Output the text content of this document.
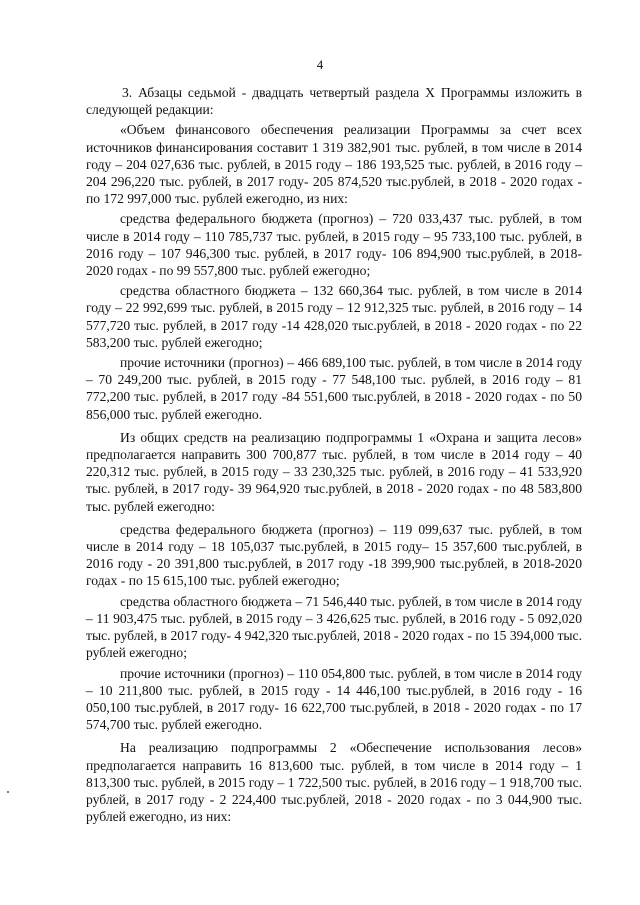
4

3. Абзацы седьмой - двадцать четвертый раздела X Программы изложить в следующей редакции:

«Объем финансового обеспечения реализации Программы за счет всех источников финансирования составит 1 319 382,901 тыс. рублей, в том числе в 2014 году – 204 027,636 тыс. рублей, в 2015 году – 186 193,525 тыс. рублей, в 2016 году – 204 296,220 тыс. рублей, в 2017 году- 205 874,520 тыс.рублей, в 2018 - 2020 годах - по 172 997,000 тыс. рублей ежегодно, из них:

средства федерального бюджета (прогноз) – 720 033,437 тыс. рублей, в том числе в 2014 году – 110 785,737 тыс. рублей, в 2015 году – 95 733,100 тыс. рублей, в 2016 году – 107 946,300 тыс. рублей, в 2017 году- 106 894,900 тыс.рублей, в 2018- 2020 годах - по 99 557,800 тыс. рублей ежегодно;

средства областного бюджета – 132 660,364 тыс. рублей, в том числе в 2014 году – 22 992,699 тыс. рублей, в 2015 году – 12 912,325 тыс. рублей, в 2016 году – 14 577,720 тыс. рублей, в 2017 году -14 428,020 тыс.рублей, в 2018 - 2020 годах - по 22 583,200 тыс. рублей ежегодно;

прочие источники (прогноз) – 466 689,100 тыс. рублей, в том числе в 2014 году – 70 249,200 тыс. рублей, в 2015 году - 77 548,100 тыс. рублей, в 2016 году – 81 772,200 тыс. рублей, в 2017 году -84 551,600 тыс.рублей, в 2018 - 2020 годах - по 50 856,000 тыс. рублей ежегодно.

Из общих средств на реализацию подпрограммы 1 «Охрана и защита лесов» предполагается направить 300 700,877 тыс. рублей, в том числе в 2014 году – 40 220,312 тыс. рублей, в 2015 году – 33 230,325 тыс. рублей, в 2016 году – 41 533,920 тыс. рублей, в 2017 году- 39 964,920 тыс.рублей, в 2018 - 2020 годах - по 48 583,800 тыс. рублей ежегодно:

средства федерального бюджета (прогноз) – 119 099,637 тыс. рублей, в том числе в 2014 году – 18 105,037 тыс.рублей, в 2015 году– 15 357,600 тыс.рублей, в 2016 году - 20 391,800 тыс.рублей, в 2017 году -18 399,900 тыс.рублей, в 2018-2020 годах - по 15 615,100 тыс. рублей ежегодно;

средства областного бюджета – 71 546,440 тыс. рублей, в том числе в 2014 году – 11 903,475 тыс. рублей, в 2015 году – 3 426,625 тыс. рублей, в 2016 году - 5 092,020 тыс. рублей, в 2017 году- 4 942,320 тыс.рублей, 2018 - 2020 годах - по 15 394,000 тыс. рублей ежегодно;

прочие источники (прогноз) – 110 054,800 тыс. рублей, в том числе в 2014 году – 10 211,800 тыс. рублей, в 2015 году - 14 446,100 тыс.рублей, в 2016 году - 16 050,100 тыс.рублей, в 2017 году- 16 622,700 тыс.рублей, в 2018 - 2020 годах - по 17 574,700 тыс. рублей ежегодно.

На реализацию подпрограммы 2 «Обеспечение использования лесов» предполагается направить 16 813,600 тыс. рублей, в том числе в 2014 году – 1 813,300 тыс. рублей, в 2015 году – 1 722,500 тыс. рублей, в 2016 году – 1 918,700 тыс. рублей, в 2017 году - 2 224,400 тыс.рублей, 2018 - 2020 годах - по 3 044,900 тыс. рублей ежегодно, из них:
